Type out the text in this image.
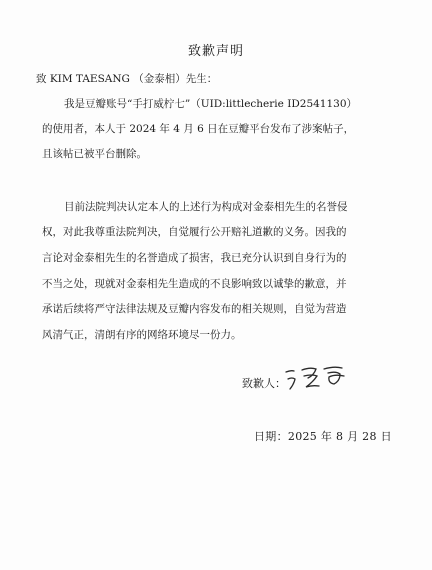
致歉声明
致 KIM TAESANG （金泰相）先生：
我是豆瓣账号“手打威柠七”（UID:littlecherie ID2541130）
的使用者，本人于 2024 年 4 月 6 日在豆瓣平台发布了涉案帖子，
且该帖已被平台删除。
目前法院判决认定本人的上述行为构成对金泰相先生的名誉侵
权，对此我尊重法院判决，自觉履行公开赔礼道歉的义务。因我的
言论对金泰相先生的名誉造成了损害，我已充分认识到自身行为的
不当之处，现就对金泰相先生造成的不良影响致以诚挚的歉意，并
承诺后续将严守法律法规及豆瓣内容发布的相关规则，自觉为营造
风清气正，清朗有序的网络环境尽一份力。
致歉人：
日期：2025 年 8 月 28 日
